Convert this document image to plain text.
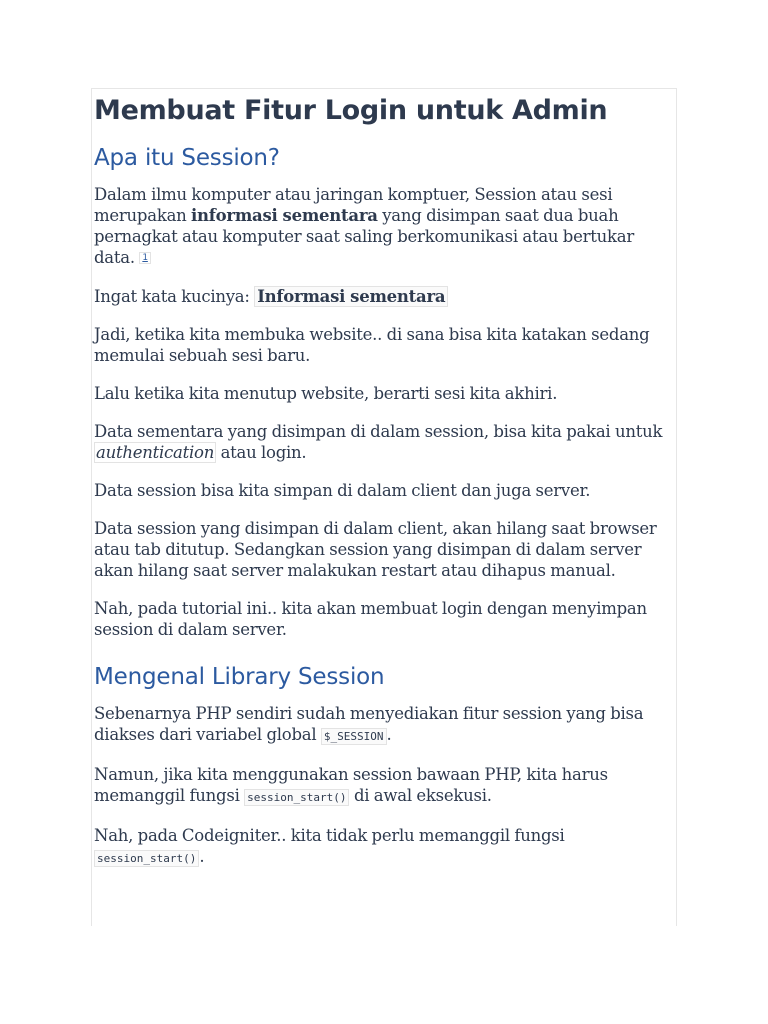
Membuat Fitur Login untuk Admin
Apa itu Session?

Dalam ilmu komputer atau jaringan komptuer, Session atau sesi merupakan informasi sementara yang disimpan saat dua buah pernagkat atau komputer saat saling berkomunikasi atau bertukar data. 1

Ingat kata kucinya: Informasi sementara

Jadi, ketika kita membuka website.. di sana bisa kita katakan sedang memulai sebuah sesi baru.

Lalu ketika kita menutup website, berarti sesi kita akhiri.

Data sementara yang disimpan di dalam session, bisa kita pakai untuk authentication atau login.

Data session bisa kita simpan di dalam client dan juga server.

Data session yang disimpan di dalam client, akan hilang saat browser atau tab ditutup. Sedangkan session yang disimpan di dalam server akan hilang saat server malakukan restart atau dihapus manual.

Nah, pada tutorial ini.. kita akan membuat login dengan menyimpan session di dalam server.

Mengenal Library Session

Sebenarnya PHP sendiri sudah menyediakan fitur session yang bisa diakses dari variabel global $_SESSION .

Namun, jika kita menggunakan session bawaan PHP, kita harus memanggil fungsi session_start() di awal eksekusi.

Nah, pada Codeigniter.. kita tidak perlu memanggil fungsi session_start() .
